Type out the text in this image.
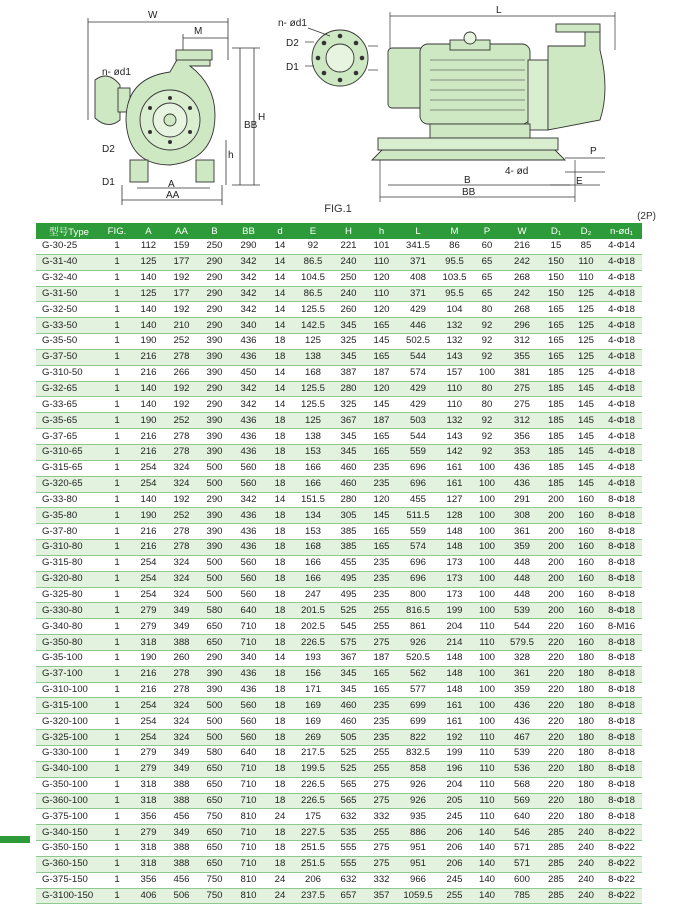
W
M
n- ød1
D2
D1
H
h
BB
A
AA
n- ød1
D2
D1
L
P
E
B
BB
4- ød
FIG.1
(2P)
型号Type	FIG.	A	AA	B	BB	d	E	H	h	L	M	P	W	D₁	D₂	n-ød₁
G-30-25	1	112	159	250	290	14	92	221	101	341.5	86	60	216	15	85	4-Φ14
G-31-40	1	125	177	290	342	14	86.5	240	110	371	95.5	65	242	150	110	4-Φ18
G-32-40	1	140	192	290	342	14	104.5	250	120	408	103.5	65	268	150	110	4-Φ18
G-31-50	1	125	177	290	342	14	86.5	240	110	371	95.5	65	242	150	125	4-Φ18
G-32-50	1	140	192	290	342	14	125.5	260	120	429	104	80	268	165	125	4-Φ18
G-33-50	1	140	210	290	340	14	142.5	345	165	446	132	92	296	165	125	4-Φ18
G-35-50	1	190	252	390	436	18	125	325	145	502.5	132	92	312	165	125	4-Φ18
G-37-50	1	216	278	390	436	18	138	345	165	544	143	92	355	165	125	4-Φ18
G-310-50	1	216	266	390	450	14	168	387	187	574	157	100	381	185	125	4-Φ18
G-32-65	1	140	192	290	342	14	125.5	280	120	429	110	80	275	185	145	4-Φ18
G-33-65	1	140	192	290	342	14	125.5	325	145	429	110	80	275	185	145	4-Φ18
G-35-65	1	190	252	390	436	18	125	367	187	503	132	92	312	185	145	4-Φ18
G-37-65	1	216	278	390	436	18	138	345	165	544	143	92	356	185	145	4-Φ18
G-310-65	1	216	278	390	436	18	153	345	165	559	142	92	353	185	145	4-Φ18
G-315-65	1	254	324	500	560	18	166	460	235	696	161	100	436	185	145	4-Φ18
G-320-65	1	254	324	500	560	18	166	460	235	696	161	100	436	185	145	4-Φ18
G-33-80	1	140	192	290	342	14	151.5	280	120	455	127	100	291	200	160	8-Φ18
G-35-80	1	190	252	390	436	18	134	305	145	511.5	128	100	308	200	160	8-Φ18
G-37-80	1	216	278	390	436	18	153	385	165	559	148	100	361	200	160	8-Φ18
G-310-80	1	216	278	390	436	18	168	385	165	574	148	100	359	200	160	8-Φ18
G-315-80	1	254	324	500	560	18	166	455	235	696	173	100	448	200	160	8-Φ18
G-320-80	1	254	324	500	560	18	166	495	235	696	173	100	448	200	160	8-Φ18
G-325-80	1	254	324	500	560	18	247	495	235	800	173	100	448	200	160	8-Φ18
G-330-80	1	279	349	580	640	18	201.5	525	255	816.5	199	100	539	200	160	8-Φ18
G-340-80	1	279	349	650	710	18	202.5	545	255	861	204	110	544	220	160	8-M16
G-350-80	1	318	388	650	710	18	226.5	575	275	926	214	110	579.5	220	160	8-Φ18
G-35-100	1	190	260	290	340	14	193	367	187	520.5	148	100	328	220	180	8-Φ18
G-37-100	1	216	278	390	436	18	156	345	165	562	148	100	361	220	180	8-Φ18
G-310-100	1	216	278	390	436	18	171	345	165	577	148	100	359	220	180	8-Φ18
G-315-100	1	254	324	500	560	18	169	460	235	699	161	100	436	220	180	8-Φ18
G-320-100	1	254	324	500	560	18	169	460	235	699	161	100	436	220	180	8-Φ18
G-325-100	1	254	324	500	560	18	269	505	235	822	192	110	467	220	180	8-Φ18
G-330-100	1	279	349	580	640	18	217.5	525	255	832.5	199	110	539	220	180	8-Φ18
G-340-100	1	279	349	650	710	18	199.5	525	255	858	196	110	536	220	180	8-Φ18
G-350-100	1	318	388	650	710	18	226.5	565	275	926	204	110	568	220	180	8-Φ18
G-360-100	1	318	388	650	710	18	226.5	565	275	926	205	110	569	220	180	8-Φ18
G-375-100	1	356	456	750	810	24	175	632	332	935	245	110	640	220	180	8-Φ18
G-340-150	1	279	349	650	710	18	227.5	535	255	886	206	140	546	285	240	8-Φ22
G-350-150	1	318	388	650	710	18	251.5	555	275	951	206	140	571	285	240	8-Φ22
G-360-150	1	318	388	650	710	18	251.5	555	275	951	206	140	571	285	240	8-Φ22
G-375-150	1	356	456	750	810	24	206	632	332	966	245	140	600	285	240	8-Φ22
G-3100-150	1	406	506	750	810	24	237.5	657	357	1059.5	255	140	785	285	240	8-Φ22
